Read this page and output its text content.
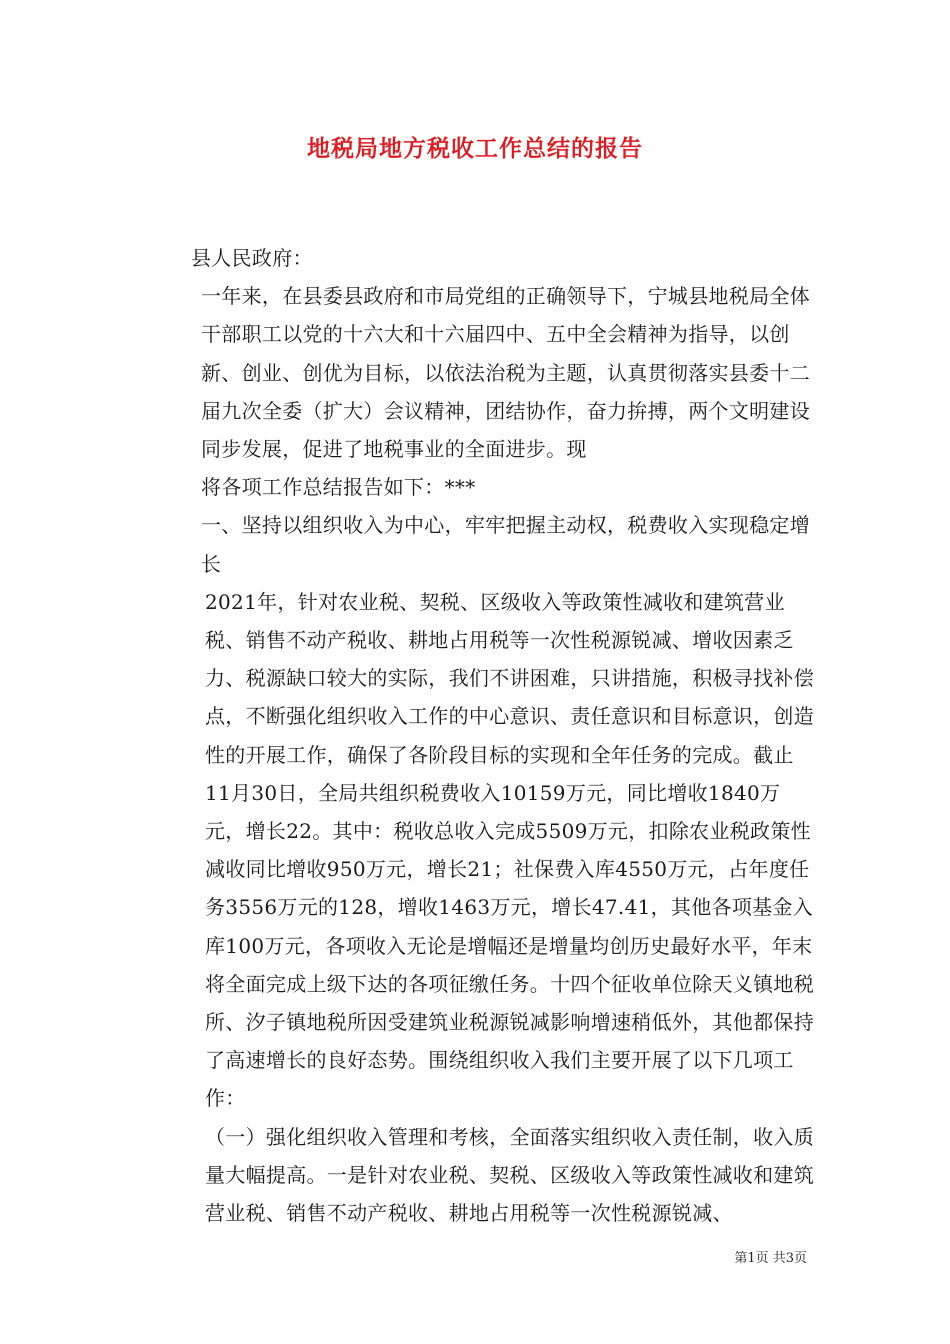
地税局地方税收工作总结的报告

县人民政府：

一年来，在县委县政府和市局党组的正确领导下，宁城县地税局全体干部职工以党的十六大和十六届四中、五中全会精神为指导，以创新、创业、创优为目标，以依法治税为主题，认真贯彻落实县委十二届九次全委（扩大）会议精神，团结协作，奋力拚搏，两个文明建设同步发展，促进了地税事业的全面进步。现

将各项工作总结报告如下：***

一、坚持以组织收入为中心，牢牢把握主动权，税费收入实现稳定增长

2021年，针对农业税、契税、区级收入等政策性减收和建筑营业税、销售不动产税收、耕地占用税等一次性税源锐减、增收因素乏力、税源缺口较大的实际，我们不讲困难，只讲措施，积极寻找补偿点，不断强化组织收入工作的中心意识、责任意识和目标意识，创造性的开展工作，确保了各阶段目标的实现和全年任务的完成。截止11月30日，全局共组织税费收入10159万元，同比增收1840万元，增长22。其中：税收总收入完成5509万元，扣除农业税政策性减收同比增收950万元，增长21；社保费入库4550万元，占年度任务3556万元的128，增收1463万元，增长47.41，其他各项基金入库100万元，各项收入无论是增幅还是增量均创历史最好水平，年末将全面完成上级下达的各项征缴任务。十四个征收单位除天义镇地税所、汐子镇地税所因受建筑业税源锐减影响增速稍低外，其他都保持了高速增长的良好态势。围绕组织收入我们主要开展了以下几项工作：

（一）强化组织收入管理和考核，全面落实组织收入责任制，收入质量大幅提高。一是针对农业税、契税、区级收入等政策性减收和建筑营业税、销售不动产税收、耕地占用税等一次性税源锐减、

第1页 共3页
